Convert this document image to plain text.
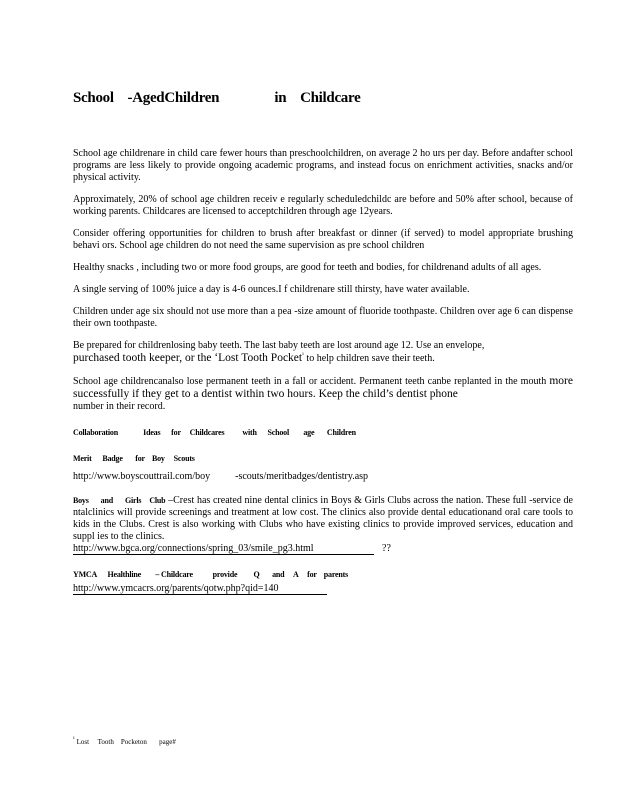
School    -AgedChildren                in    Childcare

School age childrenare in child care fewer hours than preschoolchildren, on average 2 ho urs per day. Before andafter school programs are less likely to provide ongoing academic programs, and instead focus on enrichment activities, snacks and/or physical activity.

Approximately, 20% of school age children receiv e regularly scheduledchildc are before and 50% after school, because of working parents. Childcares are licensed to acceptchildren through age 12years.

Consider offering opportunities for children to brush after breakfast or dinner (if served) to model appropriate brushing behavi ors. School age children do not need the same supervision as pre school children

Healthy snacks , including two or more food groups, are good for teeth and bodies, for childrenand adults of all ages.

A single serving of 100% juice a day is 4-6 ounces.I f childrenare still thirsty, have water available.

Children under age six should not use more than a pea -size amount of fluoride toothpaste. Children over age 6 can dispense their own toothpaste.

Be prepared for childrenlosing baby teeth. The last baby teeth are lost around age 12. Use an envelope,
purchased tooth keeper, or the ‘Lost Tooth Pocket$^{^1}$ to help children save their teeth.

School age childrencanalso lose permanent teeth in a fall or accident. Permanent teeth canbe replanted in the mouth more successfully if they get to a dentist within two hours. Keep the child’s dentist phone
number in their record.

Collaboration              Ideas      for     Childcares          with      School        age       Children
Merit      Badge       for    Boy     Scouts
http://www.boyscouttrail.com/boy          -scouts/meritbadges/dentistry.asp
Boys      and      Girls    Club –Crest has created nine dental clinics in Boys & Girls Clubs across the nation. These full -service de ntalclinics will provide screenings and treatment at low cost. The clinics also provide dental educationand oral care tools to kids in the Clubs. Crest is also working with Clubs who have existing clinics to provide improved services, education and suppl ies to the clinics.
http://www.bgca.org/connections/spring_03/smile_pg3.html	??
YMCA      Healthline        – Childcare           provide         Q       and     A     for    parents
http://www.ymcacrs.org/parents/qotw.php?qid=140
$^{^1}$ Lost     Tooth    Pocketon       page#
